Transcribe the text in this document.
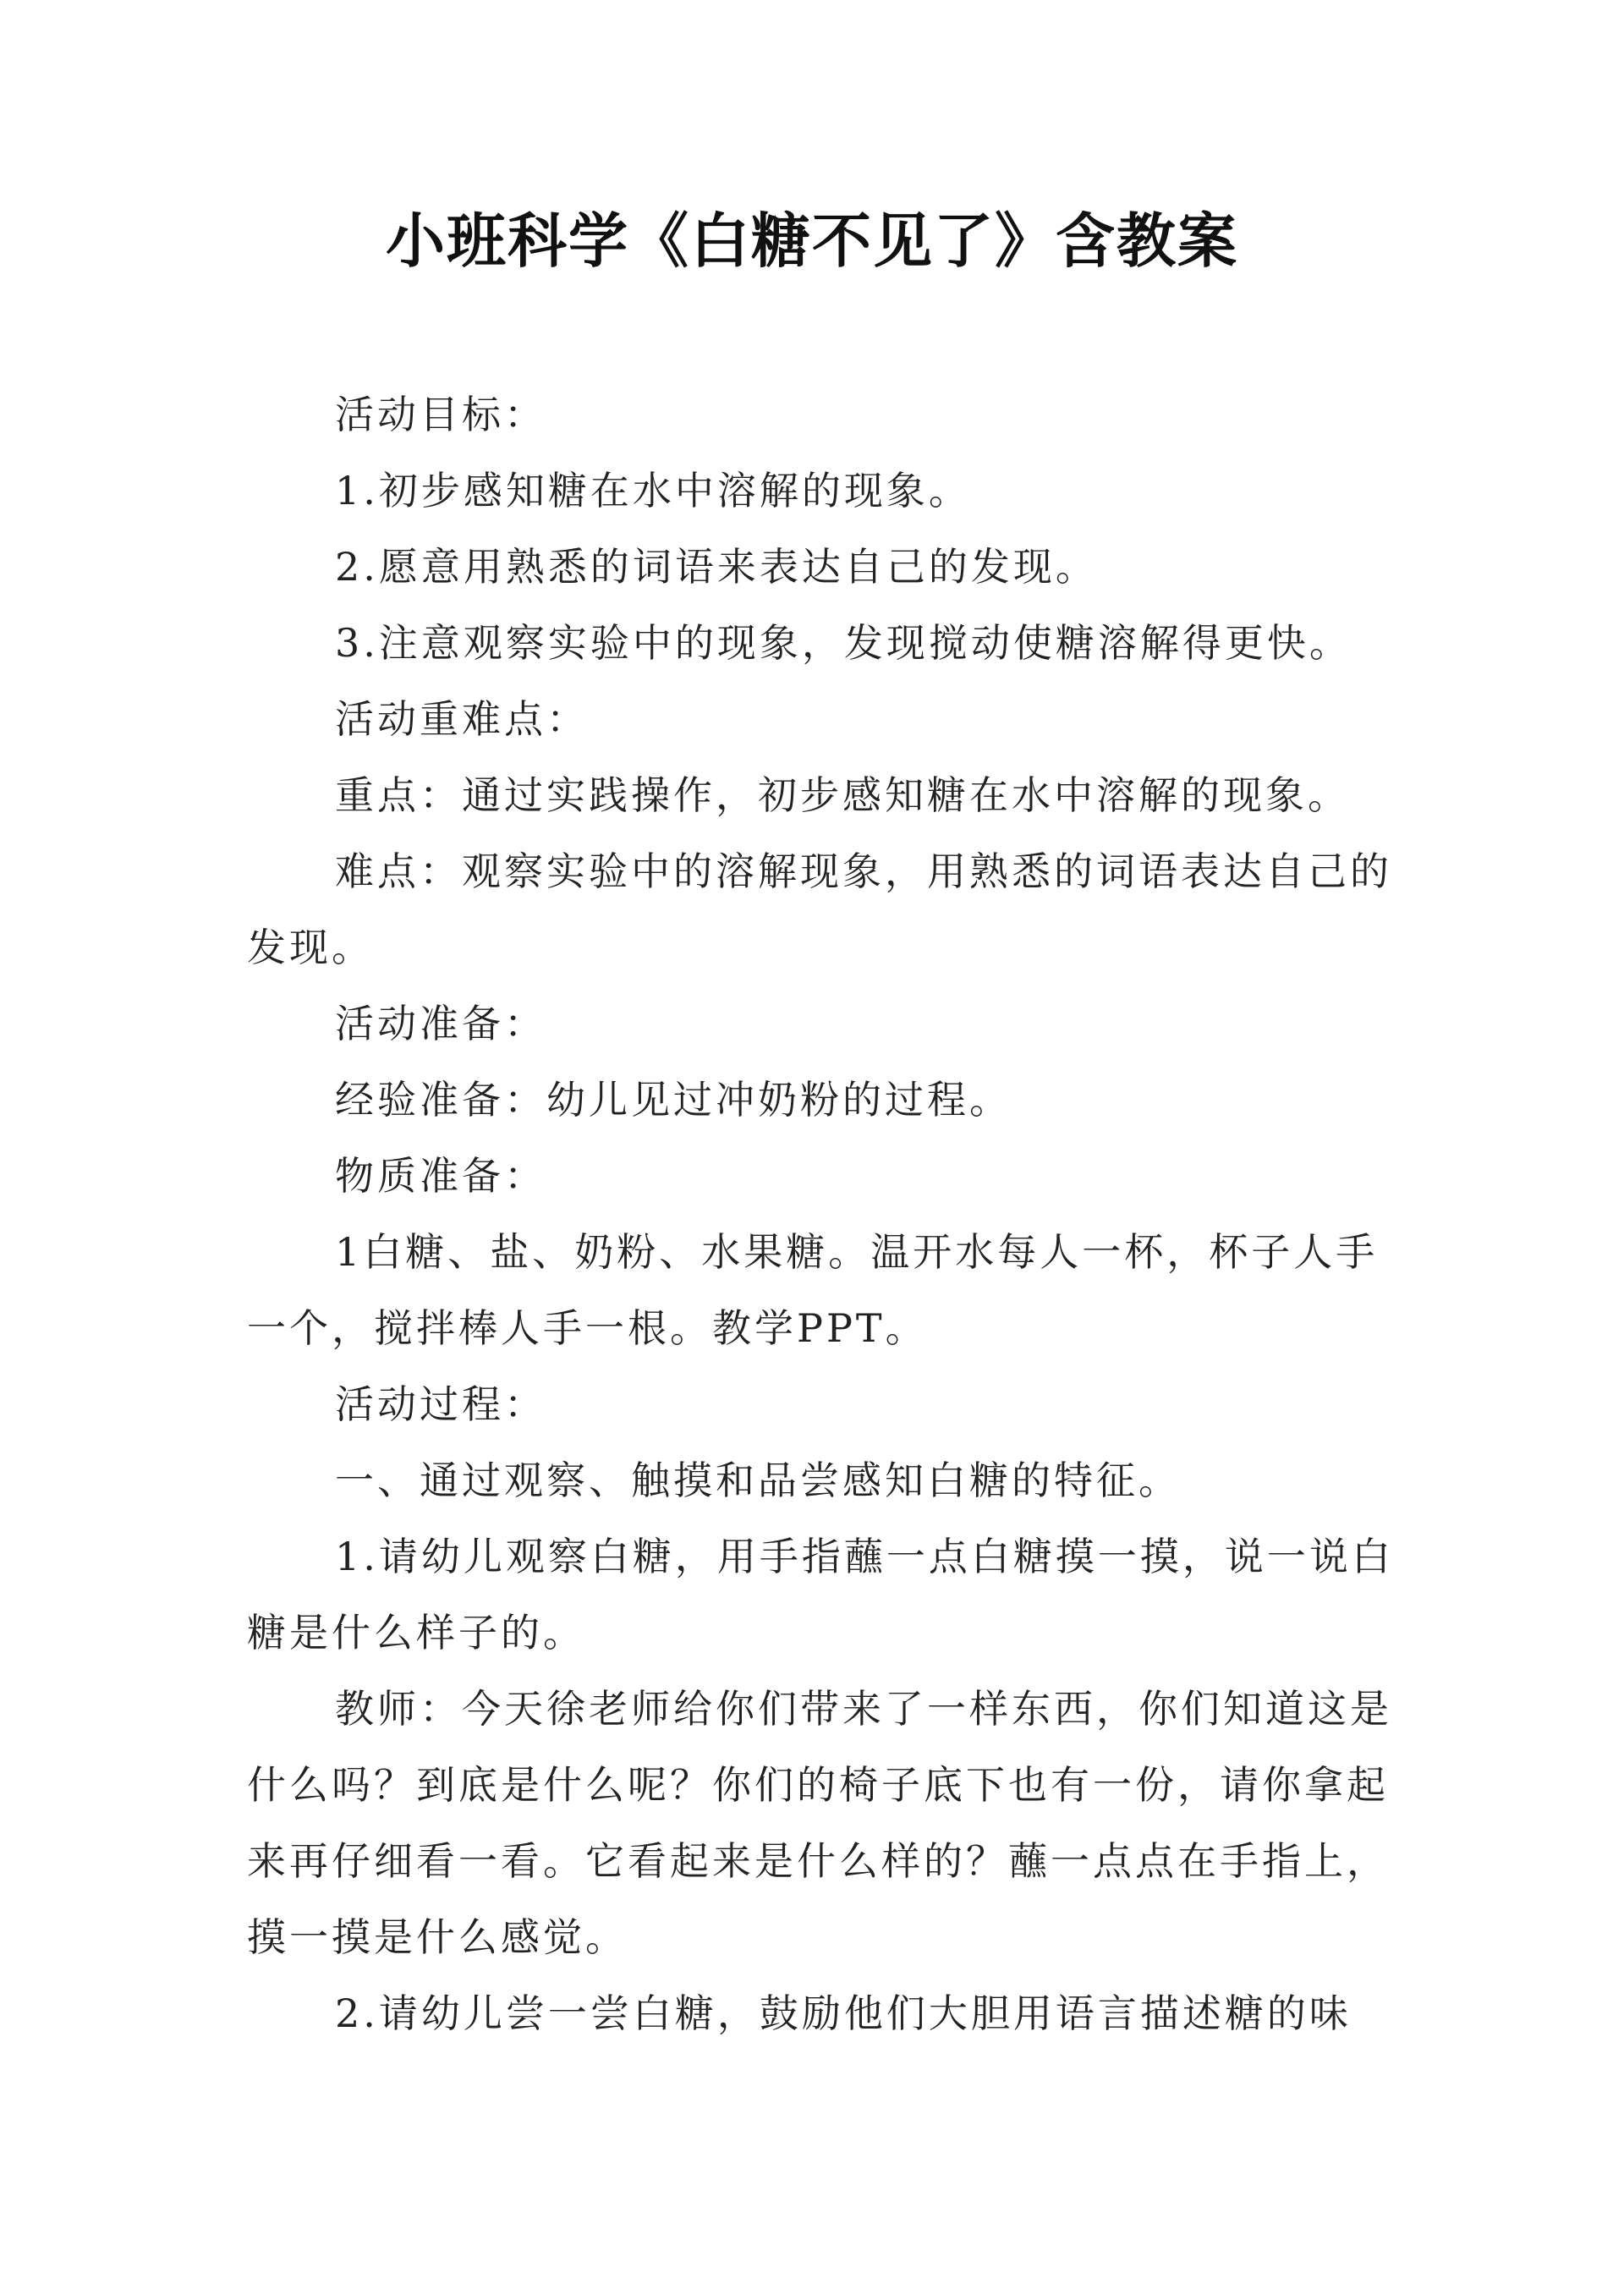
小班科学《白糖不见了》含教案

活动目标：

1.初步感知糖在水中溶解的现象。

2.愿意用熟悉的词语来表达自己的发现。

3.注意观察实验中的现象，发现搅动使糖溶解得更快。

活动重难点：

重点：通过实践操作，初步感知糖在水中溶解的现象。

难点：观察实验中的溶解现象，用熟悉的词语表达自己的发现。

活动准备：

经验准备：幼儿见过冲奶粉的过程。

物质准备：

1白糖、盐、奶粉、水果糖。温开水每人一杯，杯子人手一个，搅拌棒人手一根。教学PPT。

活动过程：

一、通过观察、触摸和品尝感知白糖的特征。

1.请幼儿观察白糖，用手指蘸一点白糖摸一摸，说一说白糖是什么样子的。

教师：今天徐老师给你们带来了一样东西，你们知道这是什么吗？到底是什么呢？你们的椅子底下也有一份，请你拿起来再仔细看一看。它看起来是什么样的？蘸一点点在手指上，摸一摸是什么感觉。

2.请幼儿尝一尝白糖，鼓励他们大胆用语言描述糖的味
